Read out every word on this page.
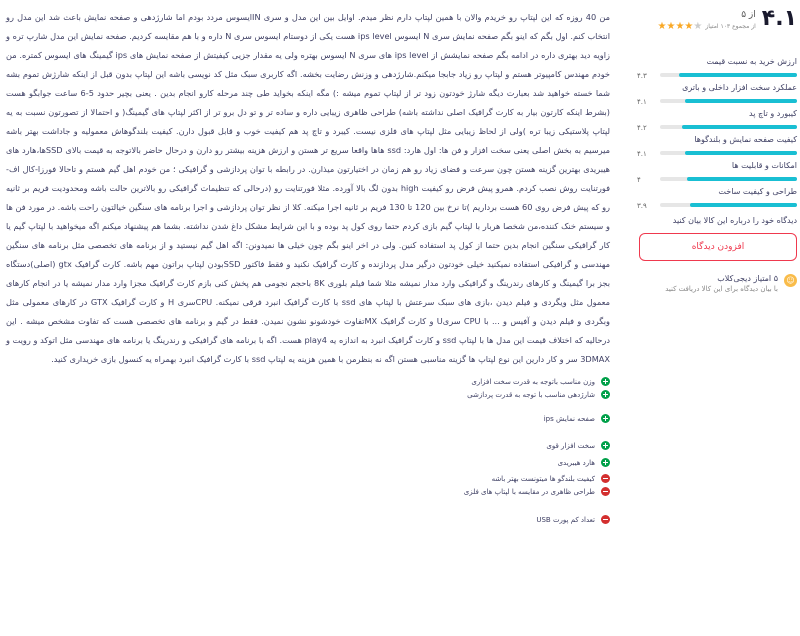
۴.۱
از ۵
از مجموع ۱۰۳ امتیاز
★★★★★
ارزش خرید به نسبت قیمت
۴.۳
عملکرد سخت افزار داخلی و باتری
۴.۱
کیبورد و تاچ پد
۴.۲
کیفیت صفحه نمایش و بلندگوها
۴.۱
امکانات و قابلیت ها
۴
طراحی و کیفیت ساخت
۳.۹
دیدگاه خود را درباره این کالا بیان کنید
افزودن دیدگاه
☺
۵ امتیاز دیجی‌کلاب
با بیان دیدگاه برای این کالا دریافت کنید

من 40 روزه که این لپتاپ رو خریدم والان با همین لپتاپ دارم نظر میدم. اوایل بین این مدل و سری INایسوس مردد بودم اما شارژدهی و صفحه نمایش باعث شد این مدل رو انتخاب کنم. اول بگم که اینو بگم صفحه نمایش سری N ایسوس ips level هست یکی از دوستام ایسوس سری N داره و با هم مقایسه کردیم. صفحه نمایش این مدل شارپ تره و زاویه دید بهتری داره در ادامه بگم صفحه نمایشش از ips level های سری N ایسوس بهتره ولی یه مقدار جزیی کیفیتش از صفحه نمایش های ips گیمینگ های ایسوس کمتره. من خودم مهندس کامپیوتر هستم و لپتاپ رو زیاد جابجا میکنم.شارژدهی و وزنش رضایت بخشه. اگه کاربری سبک مثل کد نویسی باشه این لپتاپ بدون قبل از اینکه شارژش تموم بشه شما خسته خواهید شد بعبارت دیگه شارژ خودتون زود تر از لپتاپ تموم میشه :) مگه اینکه بخواید طی چند مرحله کارو انجام بدین . یعنی بچیر حدود 5-6 ساعت جوابگو هست (بشرط اینکه کارتون بیار به کارت گرافیک اصلی نداشته باشه) طراحی ظاهری زیبایی داره و ساده تر و تو دل برو تر از اکثر لپتاپ های گیمینگ( و احتمالا از تصورتون نسبت به یه لپتاپ پلاستیکی زیبا تره )ولی از لحاظ زیبایی مثل لپتاپ های فلزی نیست. کیبرد و تاچ پد هم کیفیت خوب و قابل قبول دارن. کیفیت بلندگوهاش معمولیه و جاداشت بهتر باشه میرسیم به بخش اصلی یعنی سخت افزار و فن ها: اول هارد: ssd هاها واقعا سریع تر هستن و ارزش هزینه بیشتر رو دارن و درحال حاضر بالاتوجه به قیمت بالای SSDها،هارد های هیبریدی بهترین گزینه هستن چون سرعت و فضای زیاد رو هم زمان در اختیارتون میذارن. در رابطه با توان پردازشی و گرافیکی ؛ من خودم اهل گیم هستم و تاحالا فورزا-کال اف-فورتنایت روش نصب کردم. همرو پیش فرض رو کیفیت high بدون لگ بالا آورده. مثلا فورتنایت رو (درحالی که تنظیمات گرافیکی رو بالاترین حالت باشه ومحدودیت فریم بر ثانیه رو که پیش فرض روی 60 هست برداریم )تا نرخ بین 120 تا 130 فریم بر ثانیه اجرا میکنه. کلا از نظر توان پردازشی و اجرا برنامه های سنگین خیالتون راحت باشه. در مورد فن ها و سیستم خنک کننده،من شخصا هربار با لپتاپ گیم بازی کردم حتما روی کول پد بوده و با این شرایط مشکل داغ شدن نداشته. بشما هم پیشنهاد میکنم اگه میخواهید با لپتاپ گیم یا کار گرافیکی سنگین انجام بدین حتما از کول پد استفاده کنین. ولی در اخر اینو بگم چون خیلی ها نمیدونن: اگه اهل گیم نیستید و از برنامه های تخصصی مثل برنامه های سنگین مهندسی و گرافیکی استفاده نمیکنید خیلی خودتون درگیر مدل پردازنده و کارت گرافیک نکنید و فقط فاکتور SSDبودن لپتاپ براتون مهم باشه. کارت گرافیک gtx (اصلی)دستگاه بجز برا گیمینگ و کارهای رندرینگ و گرافیکی وارد مدار نمیشه مثلا شما فیلم بلوری 8K باحجم نجومی هم پخش کنی بازم کارت گرافیک مجزا وارد مدار نمیشه یا در انجام کارهای معمول مثل ویگردی و فیلم دیدن ،بازی های سبک سرعتش با لپتاپ های ssd با کارت گرافیک انبرد فرقی نمیکنه. CPUسری H و کارت گرافیک GTX در کارهای معمولی مثل وبگردی و فیلم دیدن و آفیس و ... با CPU سریU و کارت گرافیک MXتفاوت خودشونو نشون نمیدن. فقط در گیم و برنامه های تخصصی هست که تفاوت مشخص میشه . این درحالیه که اختلاف قیمت این مدل ها با لپتاپ ssd و کارت گرافیک انبرد به اندازه یه play4 هست. اگه با برنامه های گرافیکی و رندرینگ یا برنامه های مهندسی مثل اتوکد و رویت و 3DMAX سر و کار دارین این نوع لپتاپ ها گزینه مناسبی هستن اگه نه بنظرمن با همین هزینه یه لپتاپ ssd با کارت گرافیک انبرد بهمراه یه کنسول بازی خریداری کنید.

وزن مناسب باتوجه به قدرت سخت افزاری
شارژدهی مناسب با توجه به قدرت پردازشی
صفحه نمایش ips
سخت افزار قوی
هارد هیبریدی
کیفیت بلندگو ها میتونست بهتر باشه
طراحی ظاهری در مقایسه با لپتاپ های فلزی
تعداد کم پورت USB
